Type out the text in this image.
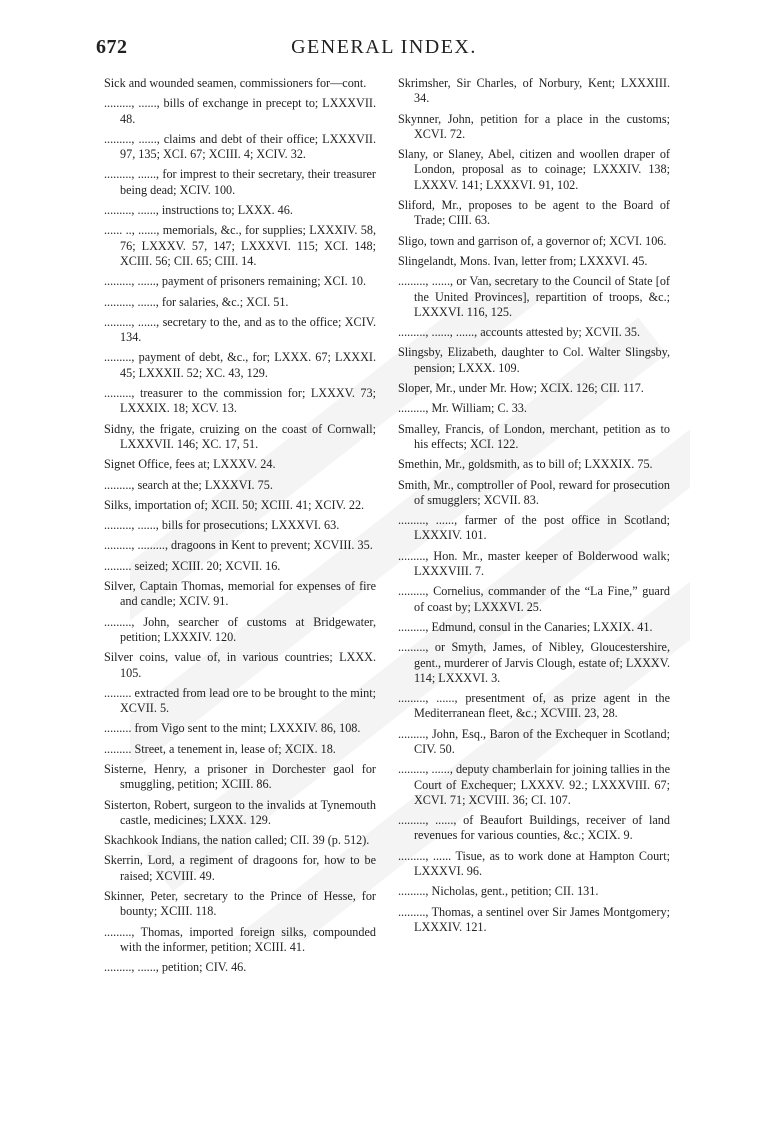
672	GENERAL INDEX.
Sick and wounded seamen, commissioners for—cont.
........., ......, bills of exchange in precept to; LXXXVII. 48.
........., ......, claims and debt of their office; LXXXVII. 97, 135; XCI. 67; XCIII. 4; XCIV. 32.
........., ......, for imprest to their secretary, their treasurer being dead; XCIV. 100.
........., ......, instructions to; LXXX. 46.
...... .., ......, memorials, &c., for supplies; LXXXIV. 58, 76; LXXXV. 57, 147; LXXXVI. 115; XCI. 148; XCIII. 56; CII. 65; CIII. 14.
........., ......, payment of prisoners remaining; XCI. 10.
........., ......, for salaries, &c.; XCI. 51.
........., ......, secretary to the, and as to the office; XCIV. 134.
........., payment of debt, &c., for; LXXX. 67; LXXXI. 45; LXXXII. 52; XC. 43, 129.
........., treasurer to the commission for; LXXXV. 73; LXXXIX. 18; XCV. 13.
Sidny, the frigate, cruizing on the coast of Cornwall; LXXXVII. 146; XC. 17, 51.
Signet Office, fees at; LXXXV. 24.
........., search at the; LXXXVI. 75.
Silks, importation of; XCII. 50; XCIII. 41; XCIV. 22.
........., ......, bills for prosecutions; LXXXVI. 63.
........., ........., dragoons in Kent to prevent; XCVIII. 35.
......... seized; XCIII. 20; XCVII. 16.
Silver, Captain Thomas, memorial for expenses of fire and candle; XCIV. 91.
........., John, searcher of customs at Bridgewater, petition; LXXXIV. 120.
Silver coins, value of, in various countries; LXXX. 105.
......... extracted from lead ore to be brought to the mint; XCVII. 5.
......... from Vigo sent to the mint; LXXXIV. 86, 108.
......... Street, a tenement in, lease of; XCIX. 18.
Sisterne, Henry, a prisoner in Dorchester gaol for smuggling, petition; XCIII. 86.
Sisterton, Robert, surgeon to the invalids at Tynemouth castle, medicines; LXXX. 129.
Skachkook Indians, the nation called; CII. 39 (p. 512).
Skerrin, Lord, a regiment of dragoons for, how to be raised; XCVIII. 49.
Skinner, Peter, secretary to the Prince of Hesse, for bounty; XCIII. 118.
........., Thomas, imported foreign silks, compounded with the informer, petition; XCIII. 41.
........., ......, petition; CIV. 46.
Skrimsher, Sir Charles, of Norbury, Kent; LXXXIII. 34.
Skynner, John, petition for a place in the customs; XCVI. 72.
Slany, or Slaney, Abel, citizen and woollen draper of London, proposal as to coinage; LXXXIV. 138; LXXXV. 141; LXXXVI. 91, 102.
Sliford, Mr., proposes to be agent to the Board of Trade; CIII. 63.
Sligo, town and garrison of, a governor of; XCVI. 106.
Slingelandt, Mons. Ivan, letter from; LXXXVI. 45.
........., ......, or Van, secretary to the Council of State [of the United Provinces], repartition of troops, &c.; LXXXVI. 116, 125.
........., ......, ......, accounts attested by; XCVII. 35.
Slingsby, Elizabeth, daughter to Col. Walter Slingsby, pension; LXXX. 109.
Sloper, Mr., under Mr. How; XCIX. 126; CII. 117.
........., Mr. William; C. 33.
Smalley, Francis, of London, merchant, petition as to his effects; XCI. 122.
Smethin, Mr., goldsmith, as to bill of; LXXXIX. 75.
Smith, Mr., comptroller of Pool, reward for prosecution of smugglers; XCVII. 83.
........., ......, farmer of the post office in Scotland; LXXXIV. 101.
........., Hon. Mr., master keeper of Bolderwood walk; LXXXVIII. 7.
........., Cornelius, commander of the “La Fine,” guard of coast by; LXXXVI. 25.
........., Edmund, consul in the Canaries; LXXIX. 41.
........., or Smyth, James, of Nibley, Gloucestershire, gent., murderer of Jarvis Clough, estate of; LXXXV. 114; LXXXVI. 3.
........., ......, presentment of, as prize agent in the Mediterranean fleet, &c.; XCVIII. 23, 28.
........., John, Esq., Baron of the Exchequer in Scotland; CIV. 50.
........., ......, deputy chamberlain for joining tallies in the Court of Exchequer; LXXXV. 92.; LXXXVIII. 67; XCVI. 71; XCVIII. 36; CI. 107.
........., ......, of Beaufort Buildings, receiver of land revenues for various counties, &c.; XCIX. 9.
........., ...... Tisue, as to work done at Hampton Court; LXXXVI. 96.
........., Nicholas, gent., petition; CII. 131.
........., Thomas, a sentinel over Sir James Montgomery; LXXXIV. 121.
